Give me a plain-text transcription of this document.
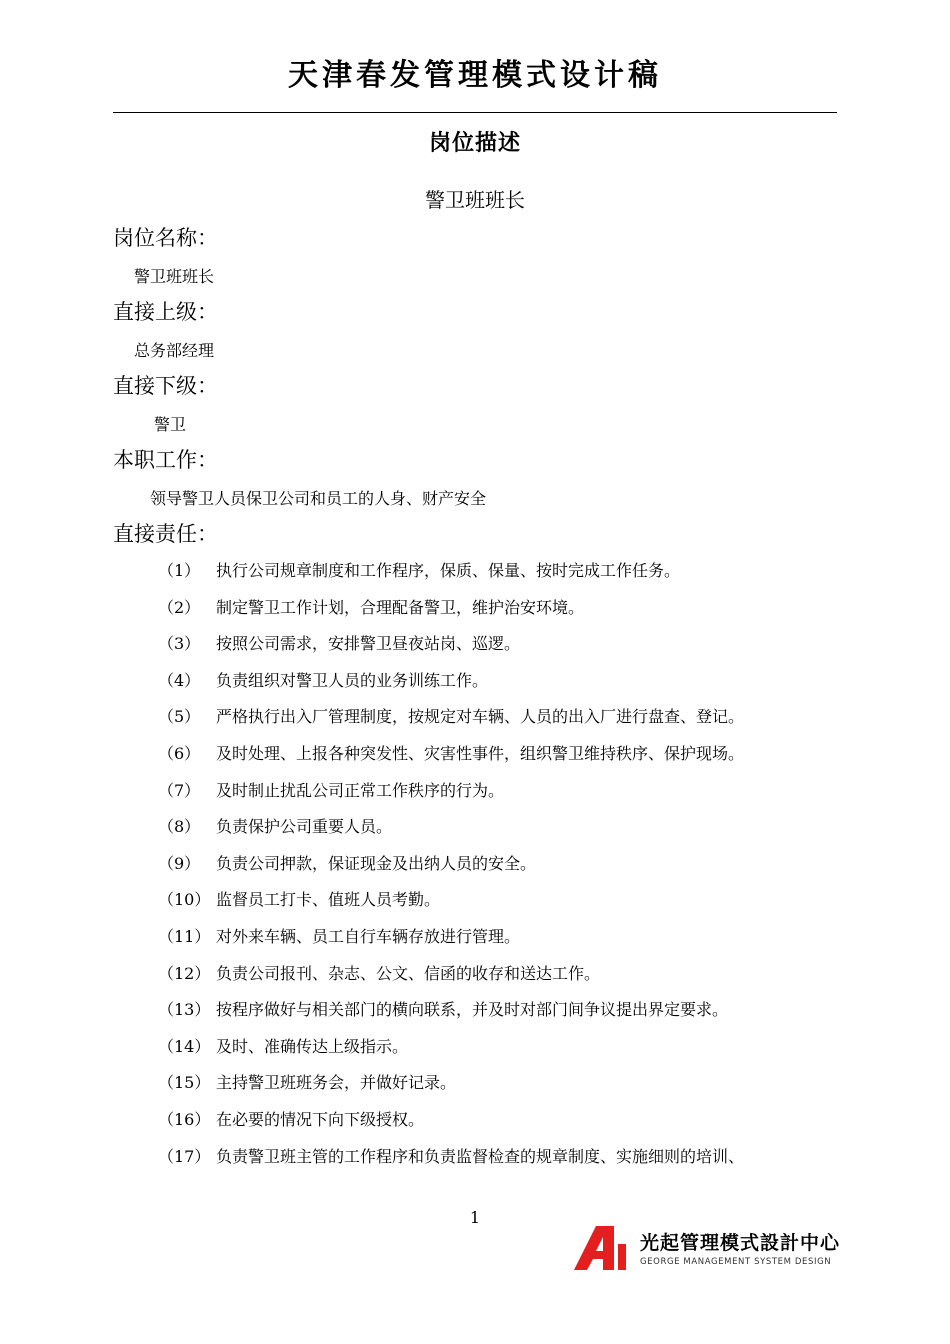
天津春发管理模式设计稿
岗位描述
警卫班班长
岗位名称：
警卫班班长
直接上级：
总务部经理
直接下级：
警卫
本职工作：
领导警卫人员保卫公司和员工的人身、财产安全
直接责任：
（1） 执行公司规章制度和工作程序，保质、保量、按时完成工作任务。
（2） 制定警卫工作计划，合理配备警卫，维护治安环境。
（3） 按照公司需求，安排警卫昼夜站岗、巡逻。
（4） 负责组织对警卫人员的业务训练工作。
（5） 严格执行出入厂管理制度，按规定对车辆、人员的出入厂进行盘查、登记。
（6） 及时处理、上报各种突发性、灾害性事件，组织警卫维持秩序、保护现场。
（7） 及时制止扰乱公司正常工作秩序的行为。
（8） 负责保护公司重要人员。
（9） 负责公司押款，保证现金及出纳人员的安全。
（10） 监督员工打卡、值班人员考勤。
（11） 对外来车辆、员工自行车辆存放进行管理。
（12） 负责公司报刊、杂志、公文、信函的收存和送达工作。
（13） 按程序做好与相关部门的横向联系，并及时对部门间争议提出界定要求。
（14） 及时、准确传达上级指示。
（15） 主持警卫班班务会，并做好记录。
（16） 在必要的情况下向下级授权。
（17） 负责警卫班主管的工作程序和负责监督检查的规章制度、实施细则的培训、
1
光起管理模式設計中心
GEORGE MANAGEMENT SYSTEM DESIGN
